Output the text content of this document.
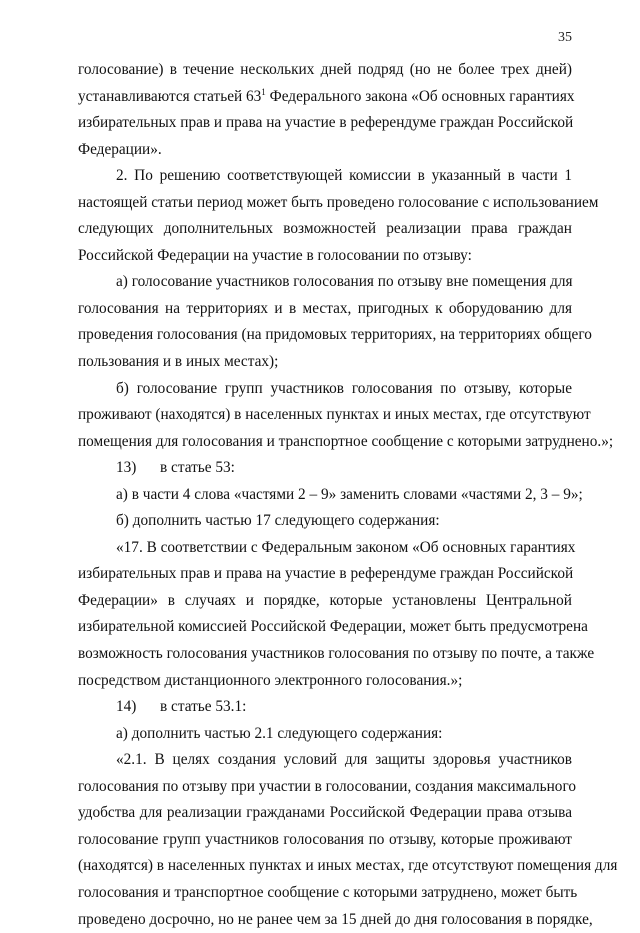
35
голосование) в течение нескольких дней подряд (но не более трех дней)
устанавливаются статьей $63^1$ Федерального закона «Об основных гарантиях
избирательных прав и права на участие в референдуме граждан Российской
Федерации».
2. По решению соответствующей комиссии в указанный в части 1
настоящей статьи период может быть проведено голосование с использованием
следующих дополнительных возможностей реализации права граждан
Российской Федерации на участие в голосовании по отзыву:
а) голосование участников голосования по отзыву вне помещения для
голосования на территориях и в местах, пригодных к оборудованию для
проведения голосования (на придомовых территориях, на территориях общего
пользования и в иных местах);
б) голосование групп участников голосования по отзыву, которые
проживают (находятся) в населенных пунктах и иных местах, где отсутствуют
помещения для голосования и транспортное сообщение с которыми затруднено.»;
13) в статье 53:
а) в части 4 слова «частями 2 – 9» заменить словами «частями 2, 3 – 9»;
б) дополнить частью 17 следующего содержания:
«17. В соответствии с Федеральным законом «Об основных гарантиях
избирательных прав и права на участие в референдуме граждан Российской
Федерации» в случаях и порядке, которые установлены Центральной
избирательной комиссией Российской Федерации, может быть предусмотрена
возможность голосования участников голосования по отзыву по почте, а также
посредством дистанционного электронного голосования.»;
14) в статье 53.1:
а) дополнить частью 2.1 следующего содержания:
«2.1. В целях создания условий для защиты здоровья участников
голосования по отзыву при участии в голосовании, создания максимального
удобства для реализации гражданами Российской Федерации права отзыва
голосование групп участников голосования по отзыву, которые проживают
(находятся) в населенных пунктах и иных местах, где отсутствуют помещения для
голосования и транспортное сообщение с которыми затруднено, может быть
проведено досрочно, но не ранее чем за 15 дней до дня голосования в порядке,
